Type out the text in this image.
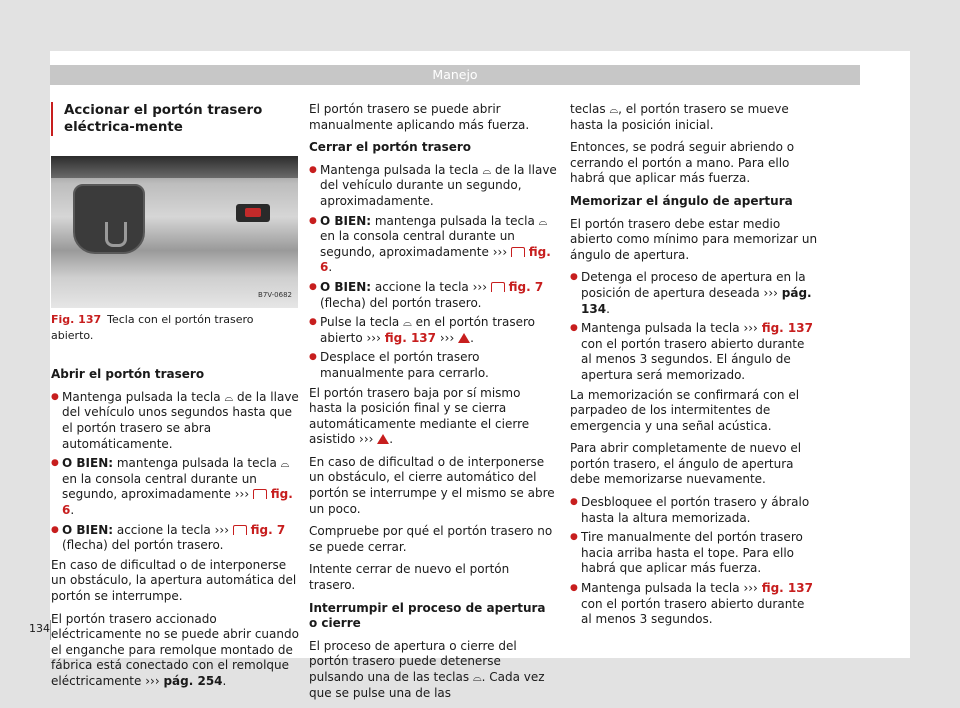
Manejo
Accionar el portón trasero eléctrica-mente
B7V-0682
Fig. 137 Tecla con el portón trasero abierto.

Abrir el portón trasero

● Mantenga pulsada la tecla ⌓ de la llave del vehículo unos segundos hasta que el portón trasero se abra automáticamente.

● O BIEN: mantenga pulsada la tecla ⌓ en la consola central durante un segundo, aproximadamente ››› fig. 6.

● O BIEN: accione la tecla ››› fig. 7 (flecha) del portón trasero.

En caso de dificultad o de interponerse un obstáculo, la apertura automática del portón se interrumpe.

El portón trasero accionado eléctricamente no se puede abrir cuando el enganche para remolque montado de fábrica está conectado con el remolque eléctricamente ››› pág. 254.

El portón trasero se puede abrir manualmente aplicando más fuerza.

Cerrar el portón trasero

● Mantenga pulsada la tecla ⌓ de la llave del vehículo durante un segundo, aproximadamente.

● O BIEN: mantenga pulsada la tecla ⌓ en la consola central durante un segundo, aproximadamente ››› fig. 6.

● O BIEN: accione la tecla ››› fig. 7 (flecha) del portón trasero.

● Pulse la tecla ⌓ en el portón trasero abierto ››› fig. 137 ››› .

● Desplace el portón trasero manualmente para cerrarlo.

El portón trasero baja por sí mismo hasta la posición final y se cierra automáticamente mediante el cierre asistido ››› .

En caso de dificultad o de interponerse un obstáculo, el cierre automático del portón se interrumpe y el mismo se abre un poco.

Compruebe por qué el portón trasero no se puede cerrar.

Intente cerrar de nuevo el portón trasero.

Interrumpir el proceso de apertura o cierre

El proceso de apertura o cierre del portón trasero puede detenerse pulsando una de las teclas ⌓. Cada vez que se pulse una de las

teclas ⌓, el portón trasero se mueve hasta la posición inicial.

Entonces, se podrá seguir abriendo o cerrando el portón a mano. Para ello habrá que aplicar más fuerza.

Memorizar el ángulo de apertura

El portón trasero debe estar medio abierto como mínimo para memorizar un ángulo de apertura.

● Detenga el proceso de apertura en la posición de apertura deseada ››› pág. 134.

● Mantenga pulsada la tecla ››› fig. 137 con el portón trasero abierto durante al menos 3 segundos. El ángulo de apertura será memorizado.

La memorización se confirmará con el parpadeo de los intermitentes de emergencia y una señal acústica.

Para abrir completamente de nuevo el portón trasero, el ángulo de apertura debe memorizarse nuevamente.

● Desbloquee el portón trasero y ábralo hasta la altura memorizada.

● Tire manualmente del portón trasero hacia arriba hasta el tope. Para ello habrá que aplicar más fuerza.

● Mantenga pulsada la tecla ››› fig. 137 con el portón trasero abierto durante al menos 3 segundos.

134
